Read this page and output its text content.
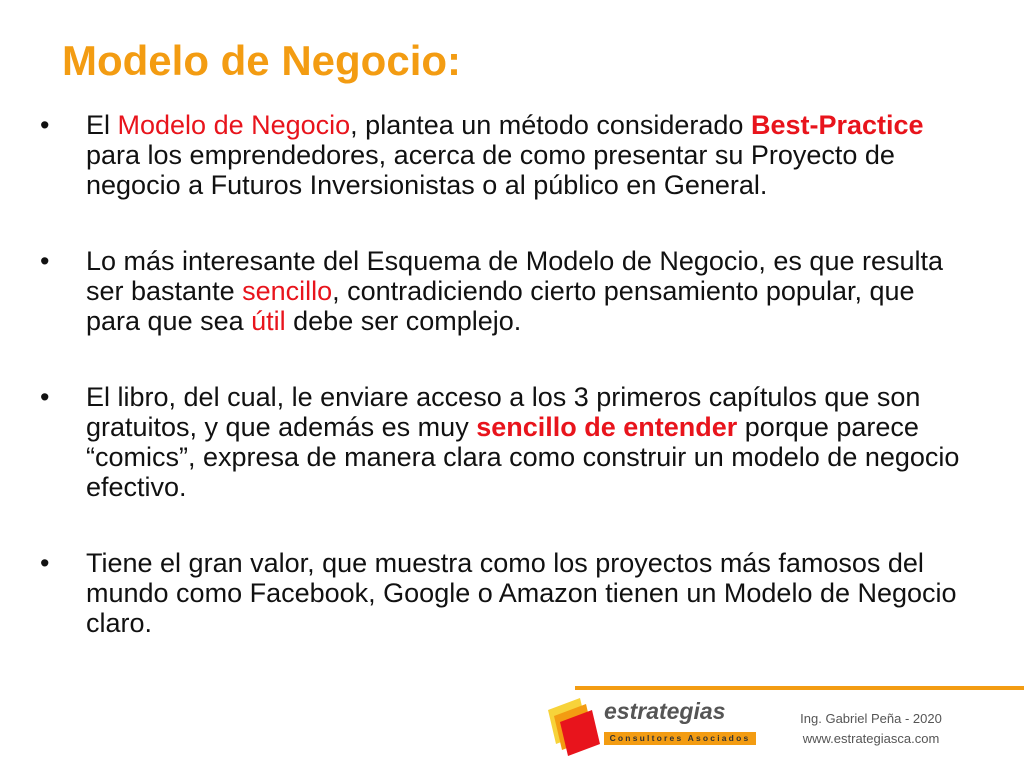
Modelo de Negocio:
•	El Modelo de Negocio, plantea un método considerado Best-Practice para los emprendedores, acerca de como presentar su Proyecto de negocio a Futuros Inversionistas o al público en General.
•	Lo más interesante del Esquema de Modelo de Negocio, es que resulta ser bastante sencillo, contradiciendo cierto pensamiento popular, que para que sea útil debe ser complejo.
•	El libro, del cual, le enviare acceso a los 3 primeros capítulos que son gratuitos, y que además es muy sencillo de entender porque parece “comics”, expresa de manera clara como construir un modelo de negocio efectivo.
•	Tiene el gran valor, que muestra como los proyectos más famosos del mundo como Facebook, Google o Amazon tienen un Modelo de Negocio claro.
estrategias
Consultores Asociados
Ing. Gabriel Peña - 2020
www.estrategiasca.com
